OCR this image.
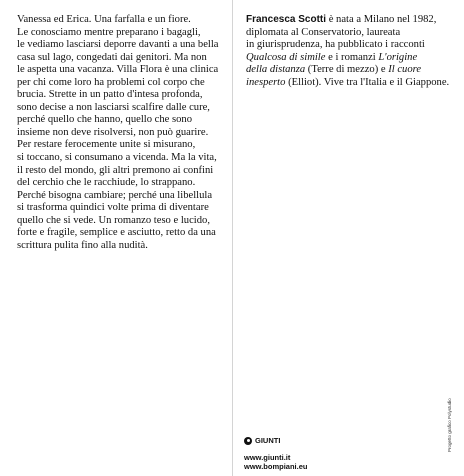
Vanessa ed Erica. Una farfalla e un fiore.
Le conosciamo mentre preparano i bagagli,
le vediamo lasciarsi deporre davanti a una bella
casa sul lago, congedati dai genitori. Ma non
le aspetta una vacanza. Villa Flora è una clinica
per chi come loro ha problemi col corpo che
brucia. Strette in un patto d'intesa profonda,
sono decise a non lasciarsi scalfire dalle cure,
perché quello che hanno, quello che sono
insieme non deve risolversi, non può guarire.
Per restare ferocemente unite si misurano,
si toccano, si consumano a vicenda. Ma la vita,
il resto del mondo, gli altri premono ai confini
del cerchio che le racchiude, lo strappano.
Perché bisogna cambiare; perché una libellula
si trasforma quindici volte prima di diventare
quello che si vede. Un romanzo teso e lucido,
forte e fragile, semplice e asciutto, retto da una
scrittura pulita fino alla nudità.
Francesca Scotti è nata a Milano nel 1982,
diplomata al Conservatorio, laureata
in giurisprudenza, ha pubblicato i racconti
Qualcosa di simile e i romanzi L'origine
della distanza (Terre di mezzo) e Il cuore
inesperto (Elliot). Vive tra l'Italia e il Giappone.
GIUNTI
www.giunti.it
www.bompiani.eu
Progetto grafico Polystudio
